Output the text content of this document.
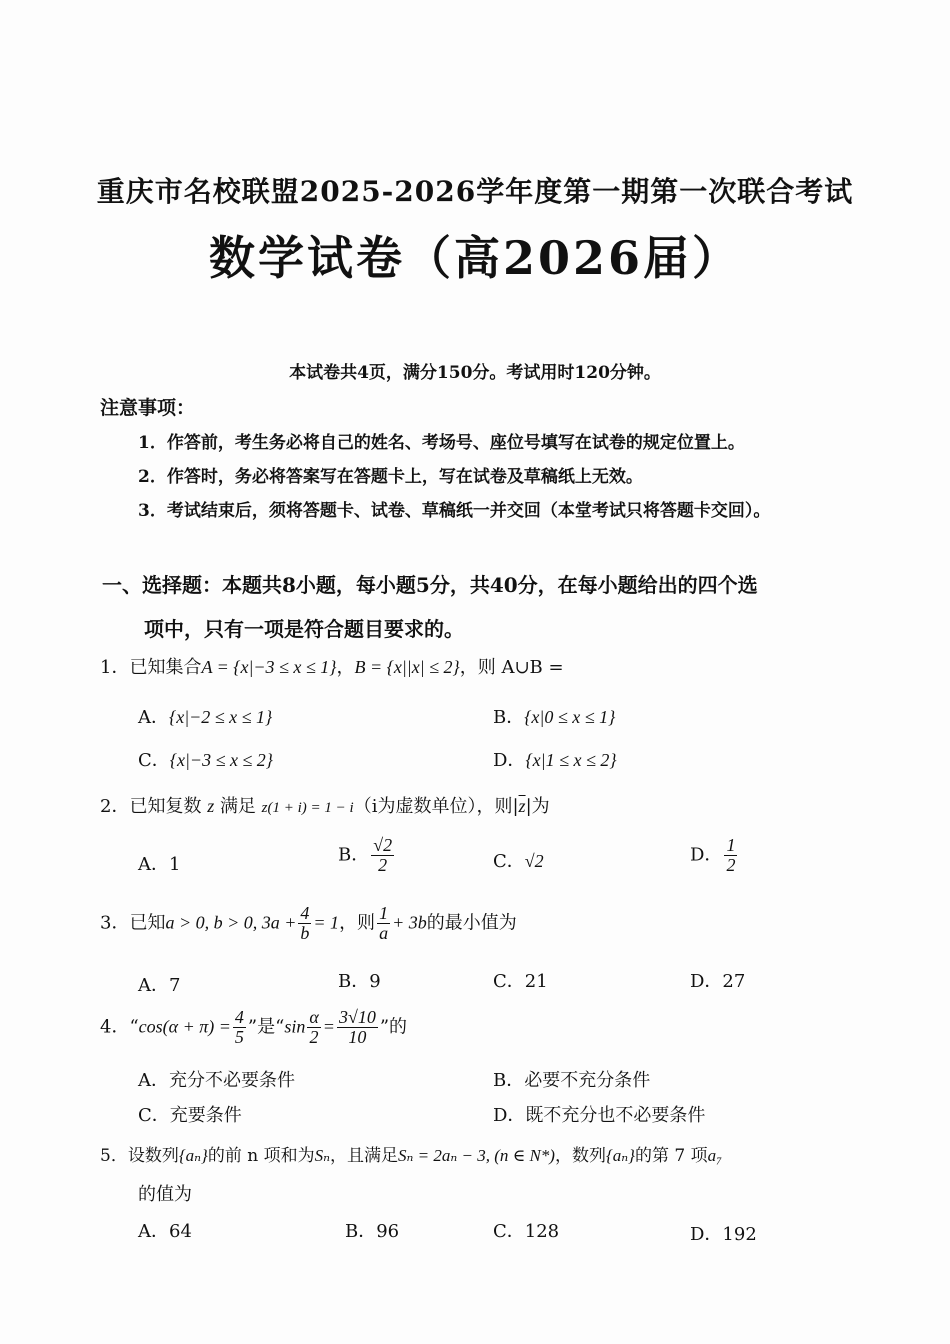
重庆市名校联盟2025-2026学年度第一期第一次联合考试
数学试卷（高2026届）
本试卷共4页，满分150分。考试用时120分钟。
注意事项：
1．作答前，考生务必将自己的姓名、考场号、座位号填写在试卷的规定位置上。
2．作答时，务必将答案写在答题卡上，写在试卷及草稿纸上无效。
3．考试结束后，须将答题卡、试卷、草稿纸一并交回（本堂考试只将答题卡交回）。
一、选择题：本题共8小题，每小题5分，共40分，在每小题给出的四个选
项中，只有一项是符合题目要求的。
1．已知集合A = {x|−3 ≤ x ≤ 1}，B = {x||x| ≤ 2}，则 A∪B =
A．{x|−2 ≤ x ≤ 1}	B．{x|0 ≤ x ≤ 1}
C．{x|−3 ≤ x ≤ 2}	D．{x|1 ≤ x ≤ 2}
2．已知复数 z 满足 z(1 + i) = 1 − i（i为虚数单位），则$|\overline{z}|$为
A．1	B． $\frac{√2}{2}$	C．√2	D． $\frac{1}{2}$
3．已知a > 0, b > 0, $3a + \frac{4}{b} = 1$，则 $\frac{1}{a} + 3b$的最小值为
A．7	B．9	C．21	D．27
4．“$\cos(\alpha + \pi) = \frac{4}{5}$ ”是“$\sin \frac{\alpha}{2} = \frac{3√10}{10}$ ”的
A．充分不必要条件	B．必要不充分条件
C．充要条件	D．既不充分也不必要条件
5．设数列{aₙ}的前 n 项和为Sₙ，且满足Sₙ = 2aₙ − 3, (n ∈ N*)，数列{aₙ}的第 7 项a₇
的值为
A．64	B．96	C．128	D．192
